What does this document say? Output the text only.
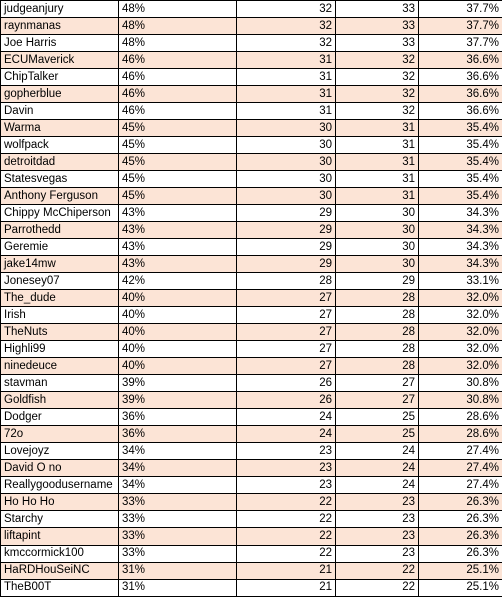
judgeanjury	48%	32	33	37.7%
raynmanas	48%	32	33	37.7%
Joe Harris	48%	32	33	37.7%
ECUMaverick	46%	31	32	36.6%
ChipTalker	46%	31	32	36.6%
gopherblue	46%	31	32	36.6%
Davin	46%	31	32	36.6%
Warma	45%	30	31	35.4%
wolfpack	45%	30	31	35.4%
detroitdad	45%	30	31	35.4%
Statesvegas	45%	30	31	35.4%
Anthony Ferguson	45%	30	31	35.4%
Chippy McChiperson	43%	29	30	34.3%
Parrothedd	43%	29	30	34.3%
Geremie	43%	29	30	34.3%
jake14mw	43%	29	30	34.3%
Jonesey07	42%	28	29	33.1%
The_dude	40%	27	28	32.0%
Irish	40%	27	28	32.0%
TheNuts	40%	27	28	32.0%
Highli99	40%	27	28	32.0%
ninedeuce	40%	27	28	32.0%
stavman	39%	26	27	30.8%
Goldfish	39%	26	27	30.8%
Dodger	36%	24	25	28.6%
72o	36%	24	25	28.6%
Lovejoyz	34%	23	24	27.4%
David O no	34%	23	24	27.4%
Reallygoodusername	34%	23	24	27.4%
Ho Ho Ho	33%	22	23	26.3%
Starchy	33%	22	23	26.3%
liftapint	33%	22	23	26.3%
kmccormick100	33%	22	23	26.3%
HaRDHouSeiNC	31%	21	22	25.1%
TheB00T	31%	21	22	25.1%
